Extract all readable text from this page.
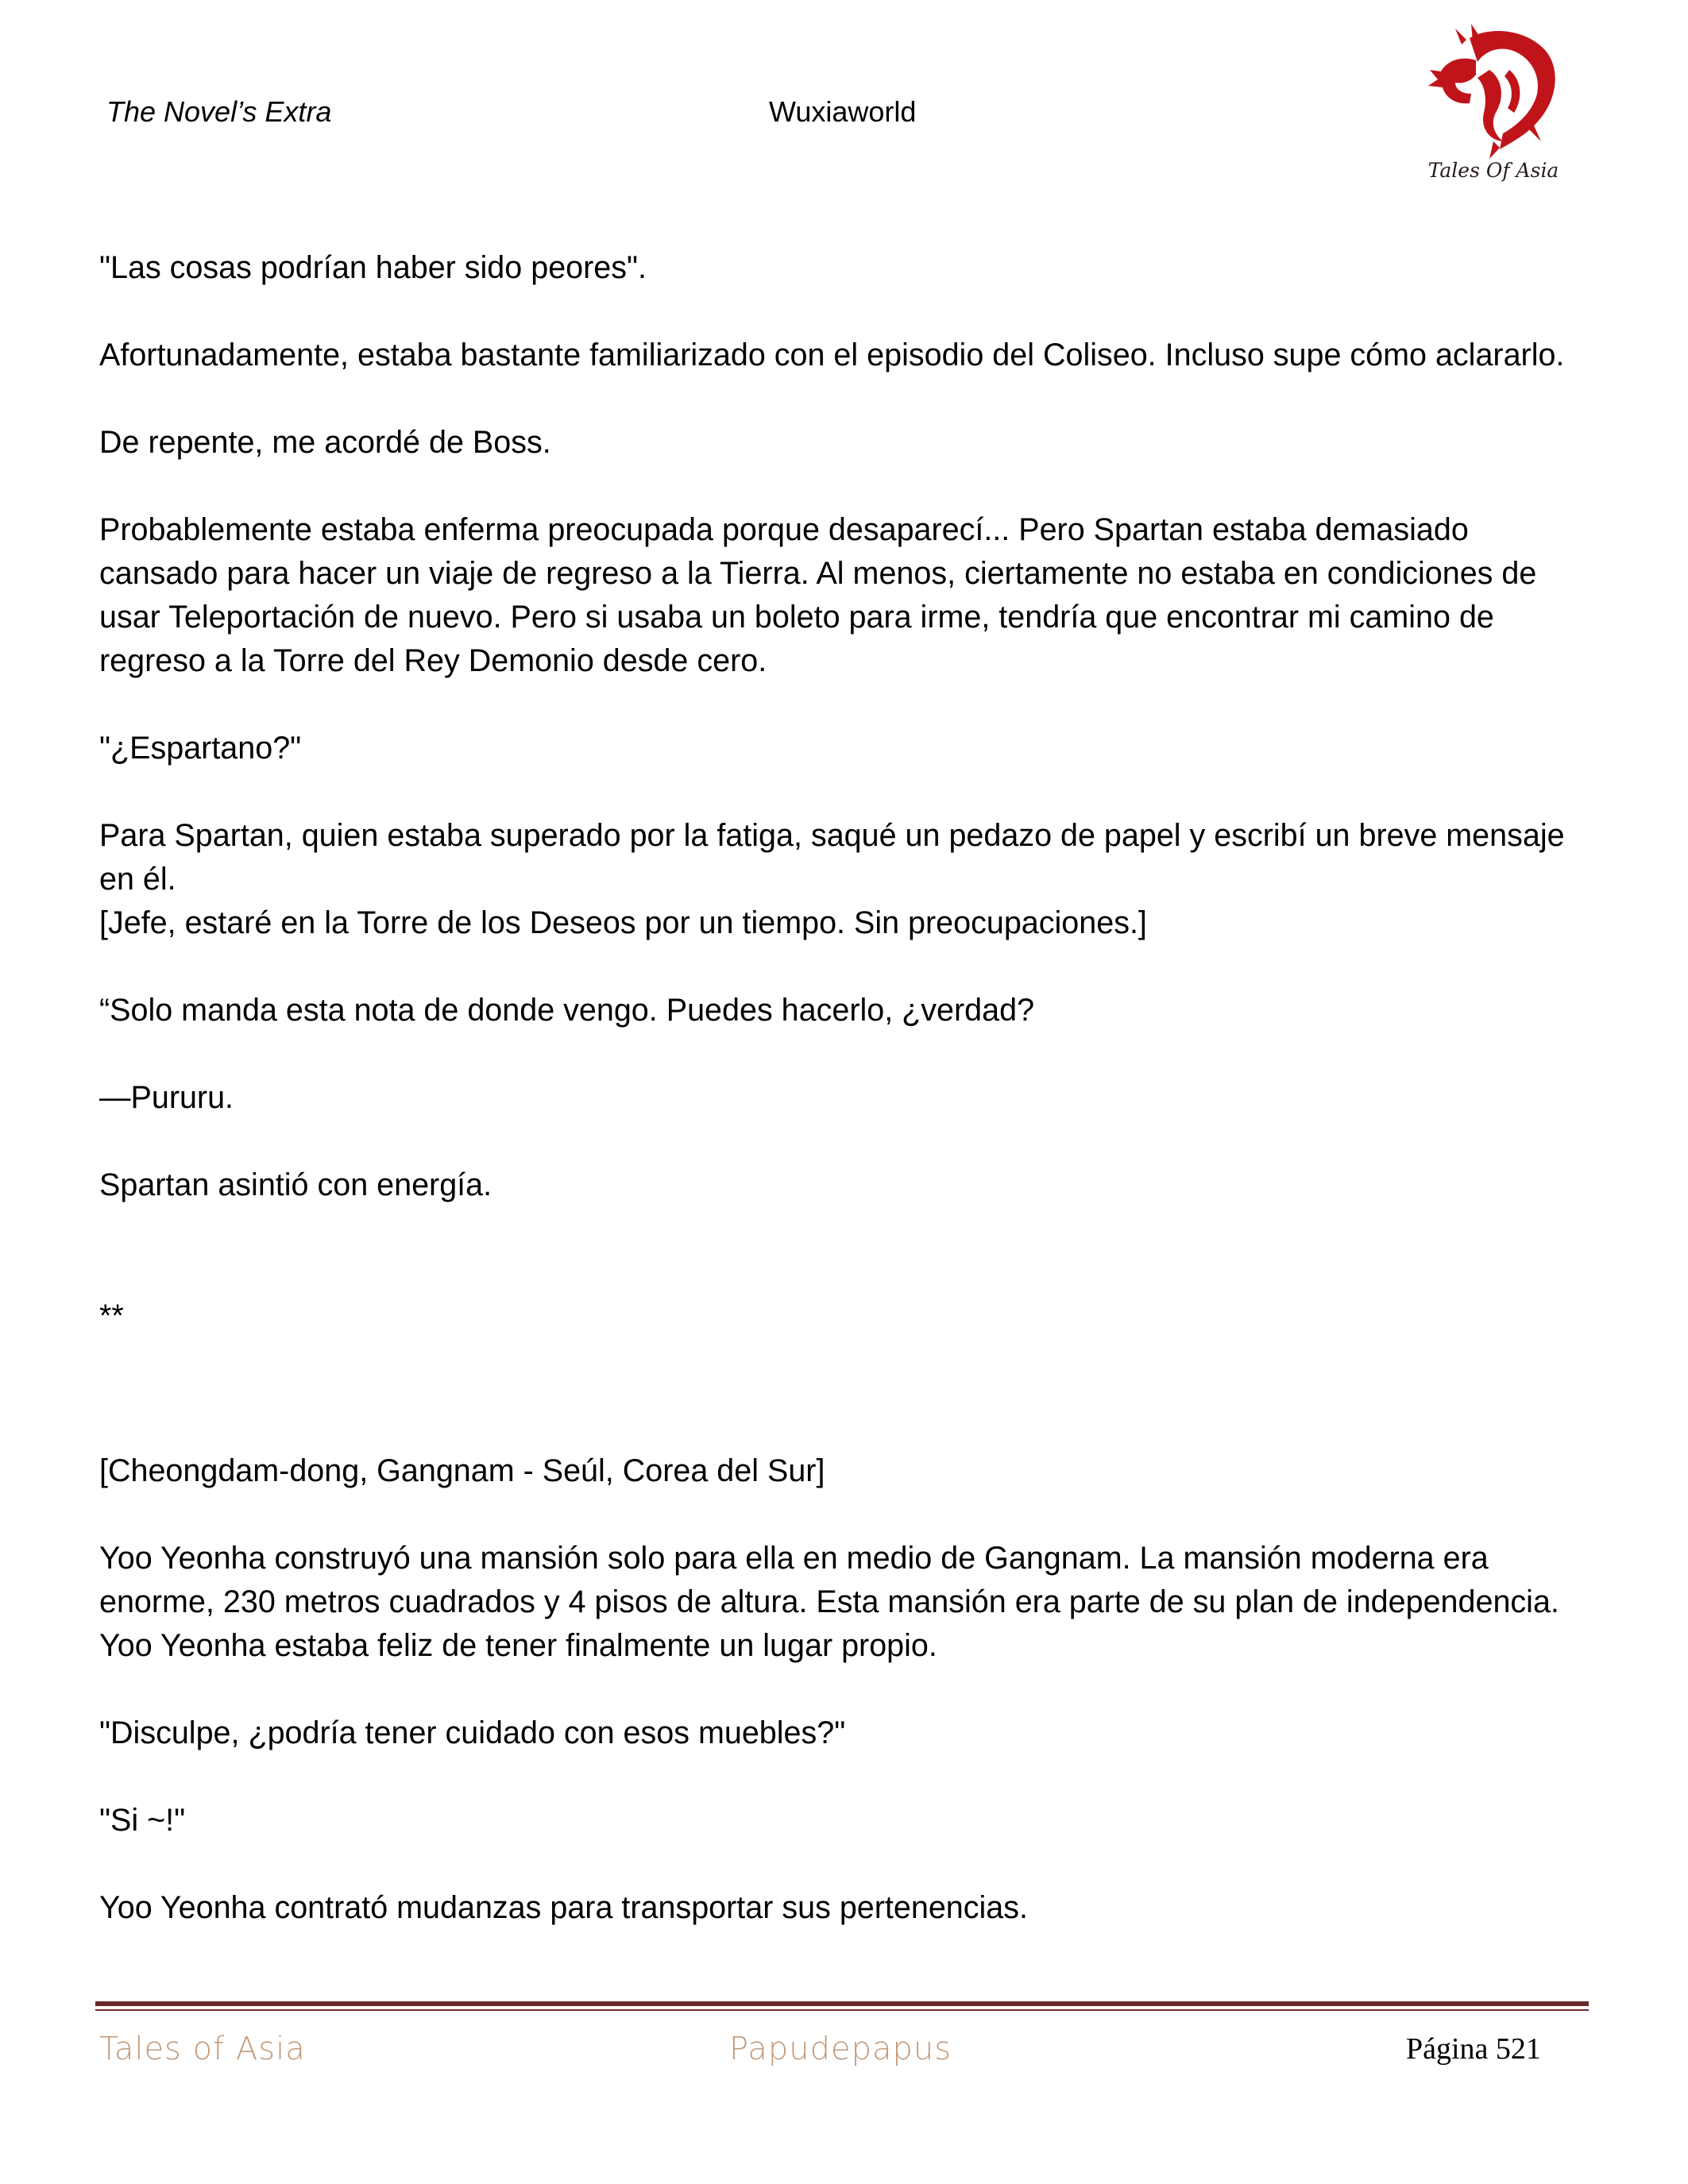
The Novel’s Extra	Wuxiaworld
Tales Of Asia

"Las cosas podrían haber sido peores".

Afortunadamente, estaba bastante familiarizado con el episodio del Coliseo. Incluso supe cómo aclararlo.

De repente, me acordé de Boss.

Probablemente estaba enferma preocupada porque desaparecí... Pero Spartan estaba demasiado cansado para hacer un viaje de regreso a la Tierra. Al menos, ciertamente no estaba en condiciones de usar Teleportación de nuevo. Pero si usaba un boleto para irme, tendría que encontrar mi camino de regreso a la Torre del Rey Demonio desde cero.

"¿Espartano?"

Para Spartan, quien estaba superado por la fatiga, saqué un pedazo de papel y escribí un breve mensaje en él.

[Jefe, estaré en la Torre de los Deseos por un tiempo. Sin preocupaciones.]

“Solo manda esta nota de donde vengo. Puedes hacerlo, ¿verdad?

—Pururu.

Spartan asintió con energía.

**

[Cheongdam-dong, Gangnam - Seúl, Corea del Sur]

Yoo Yeonha construyó una mansión solo para ella en medio de Gangnam. La mansión moderna era enorme, 230 metros cuadrados y 4 pisos de altura. Esta mansión era parte de su plan de independencia. Yoo Yeonha estaba feliz de tener finalmente un lugar propio.

"Disculpe, ¿podría tener cuidado con esos muebles?"

"Si ~!"

Yoo Yeonha contrató mudanzas para transportar sus pertenencias.

Tales of Asia	Papudepapus	Página 521
